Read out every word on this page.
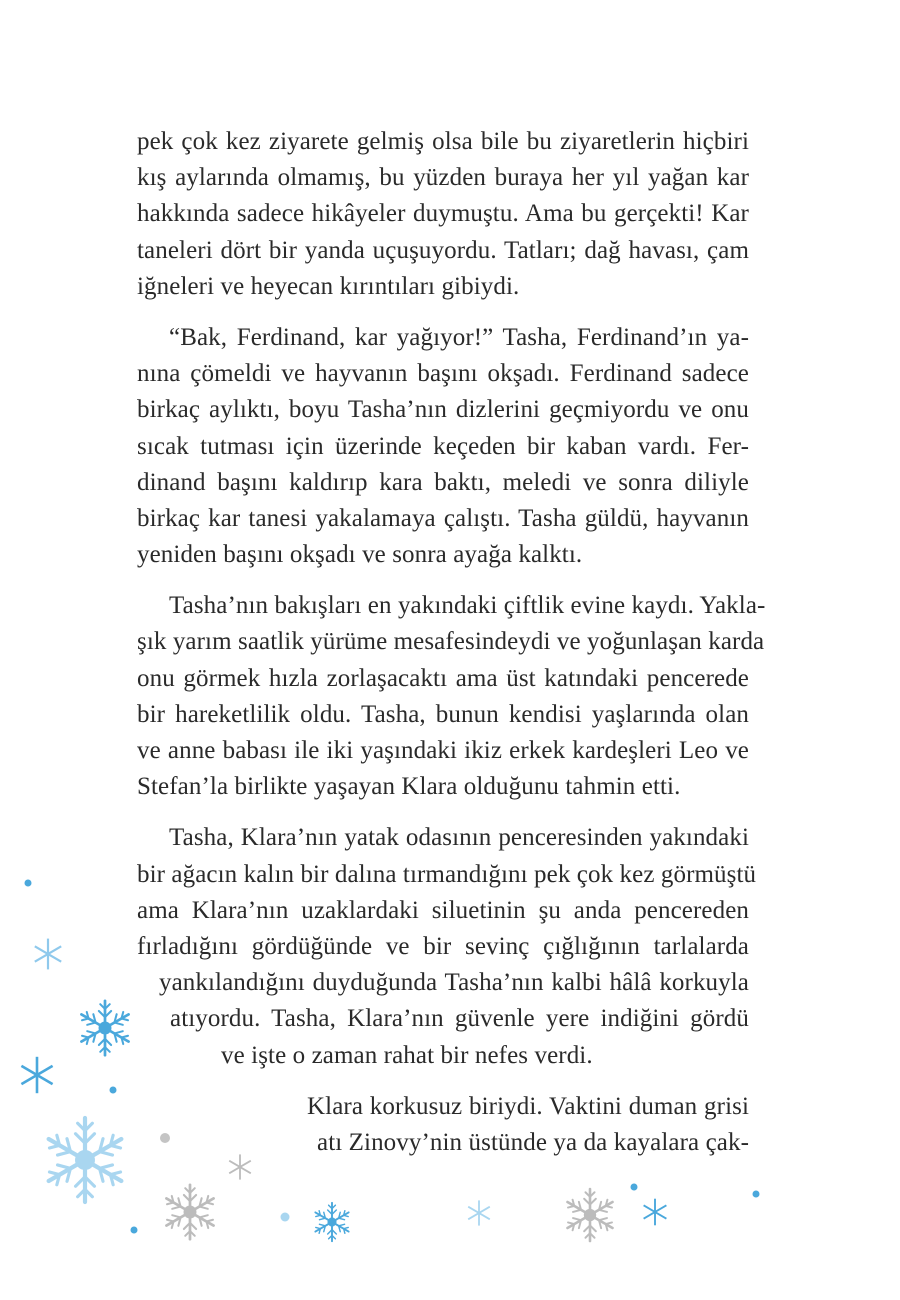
pek çok kez ziyarete gelmiş olsa bile bu ziyaretlerin hiçbiri
kış aylarında olmamış, bu yüzden buraya her yıl yağan kar
hakkında sadece hikâyeler duymuştu. Ama bu gerçekti! Kar
taneleri dört bir yanda uçuşuyordu. Tatları; dağ havası, çam
iğneleri ve heyecan kırıntıları gibiydi.
“Bak, Ferdinand, kar yağıyor!” Tasha, Ferdinand’ın ya-
nına çömeldi ve hayvanın başını okşadı. Ferdinand sadece
birkaç aylıktı, boyu Tasha’nın dizlerini geçmiyordu ve onu
sıcak tutması için üzerinde keçeden bir kaban vardı. Fer-
dinand başını kaldırıp kara baktı, meledi ve sonra diliyle
birkaç kar tanesi yakalamaya çalıştı. Tasha güldü, hayvanın
yeniden başını okşadı ve sonra ayağa kalktı.
Tasha’nın bakışları en yakındaki çiftlik evine kaydı. Yakla-
şık yarım saatlik yürüme mesafesindeydi ve yoğunlaşan karda
onu görmek hızla zorlaşacaktı ama üst katındaki pencerede
bir hareketlilik oldu. Tasha, bunun kendisi yaşlarında olan
ve anne babası ile iki yaşındaki ikiz erkek kardeşleri Leo ve
Stefan’la birlikte yaşayan Klara olduğunu tahmin etti.
Tasha, Klara’nın yatak odasının penceresinden yakındaki
bir ağacın kalın bir dalına tırmandığını pek çok kez görmüştü
ama Klara’nın uzaklardaki siluetinin şu anda pencereden
fırladığını gördüğünde ve bir sevinç çığlığının tarlalarda
yankılandığını duyduğunda Tasha’nın kalbi hâlâ korkuyla
atıyordu. Tasha, Klara’nın güvenle yere indiğini gördü
ve işte o zaman rahat bir nefes verdi.
Klara korkusuz biriydi. Vaktini duman grisi
atı Zinovy’nin üstünde ya da kayalara çak-
